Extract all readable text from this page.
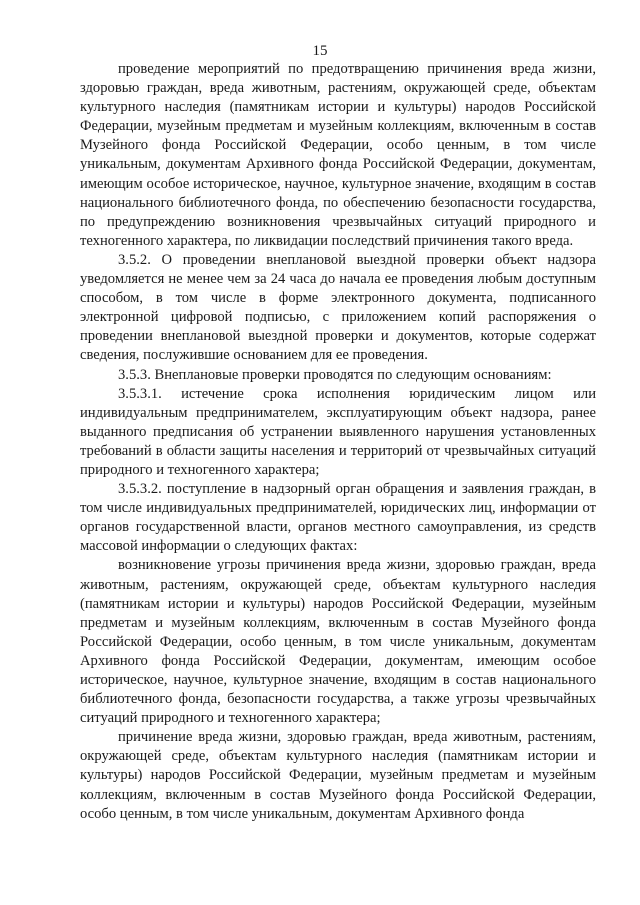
15

проведение мероприятий по предотвращению причинения вреда жизни, здоровью граждан, вреда животным, растениям, окружающей среде, объектам культурного наследия (памятникам истории и культуры) народов Российской Федерации, музейным предметам и музейным коллекциям, включенным в состав Музейного фонда Российской Федерации, особо ценным, в том числе уникальным, документам Архивного фонда Российской Федерации, документам, имеющим особое историческое, научное, культурное значение, входящим в состав национального библиотечного фонда, по обеспечению безопасности государства, по предупреждению возникновения чрезвычайных ситуаций природного и техногенного характера, по ликвидации последствий причинения такого вреда.

3.5.2. О проведении внеплановой выездной проверки объект надзора уведомляется не менее чем за 24 часа до начала ее проведения любым доступным способом, в том числе в форме электронного документа, подписанного электронной цифровой подписью, с приложением копий распоряжения о проведении внеплановой выездной проверки и документов, которые содержат сведения, послужившие основанием для ее проведения.

3.5.3. Внеплановые проверки проводятся по следующим основаниям:

3.5.3.1. истечение срока исполнения юридическим лицом или индивидуальным предпринимателем, эксплуатирующим объект надзора, ранее выданного предписания об устранении выявленного нарушения установленных требований в области защиты населения и территорий от чрезвычайных ситуаций природного и техногенного характера;

3.5.3.2. поступление в надзорный орган обращения и заявления граждан, в том числе индивидуальных предпринимателей, юридических лиц, информации от органов государственной власти, органов местного самоуправления, из средств массовой информации о следующих фактах:

возникновение угрозы причинения вреда жизни, здоровью граждан, вреда животным, растениям, окружающей среде, объектам культурного наследия (памятникам истории и культуры) народов Российской Федерации, музейным предметам и музейным коллекциям, включенным в состав Музейного фонда Российской Федерации, особо ценным, в том числе уникальным, документам Архивного фонда Российской Федерации, документам, имеющим особое историческое, научное, культурное значение, входящим в состав национального библиотечного фонда, безопасности государства, а также угрозы чрезвычайных ситуаций природного и техногенного характера;

причинение вреда жизни, здоровью граждан, вреда животным, растениям, окружающей среде, объектам культурного наследия (памятникам истории и культуры) народов Российской Федерации, музейным предметам и музейным коллекциям, включенным в состав Музейного фонда Российской Федерации, особо ценным, в том числе уникальным, документам Архивного фонда
